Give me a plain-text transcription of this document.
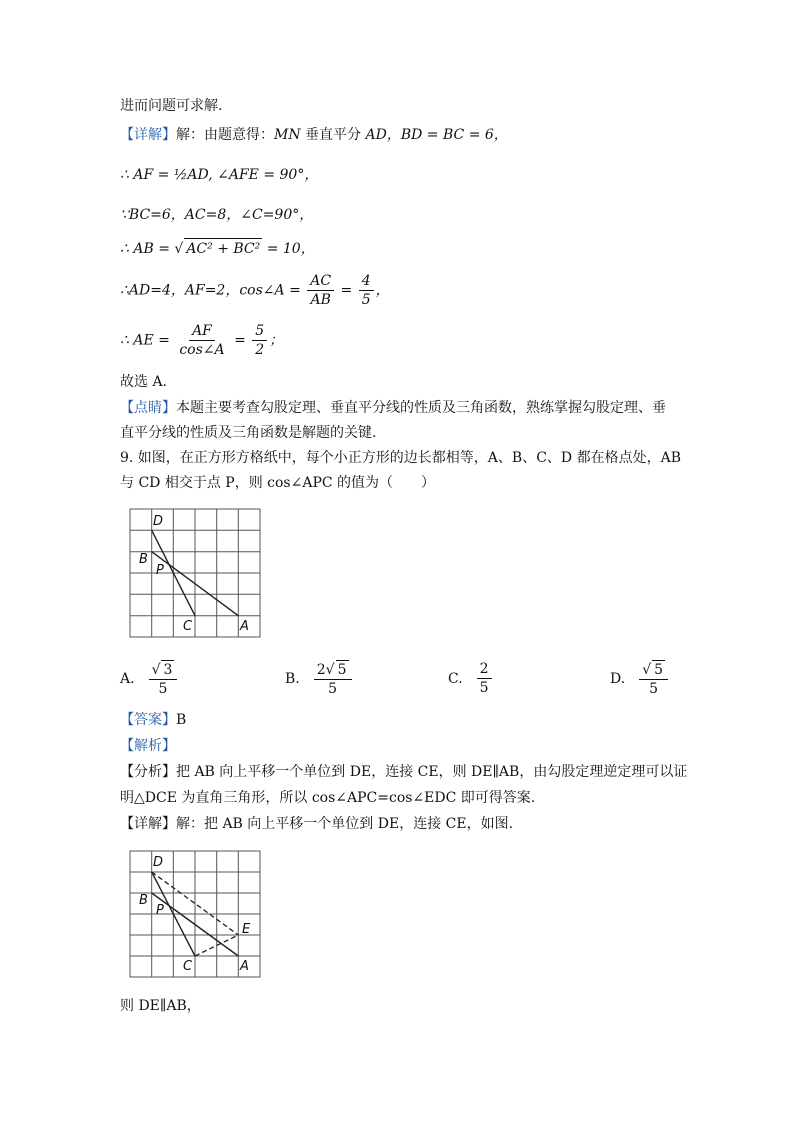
进而问题可求解.
【详解】解：由题意得：MN 垂直平分 AD，BD = BC = 6，
∴ AF = ½AD, ∠AFE = 90°，
∵BC=6，AC=8，∠C=90°，
∴ AB = √ AC² + BC² = 10，
∴AD=4，AF=2，cos∠A = $\frac{AC}{AB} = \frac{4}{5}$ ，
∴ AE = $\frac{AF}{\cos\angle A} = \frac{5}{2}$ ；
故选 A.
【点睛】本题主要考查勾股定理、垂直平分线的性质及三角函数，熟练掌握勾股定理、垂
直平分线的性质及三角函数是解题的关键.
9. 如图，在正方形方格纸中，每个小正方形的边长都相等，A、B、C、D 都在格点处，AB
与 CD 相交于点 P，则 cos∠APC 的值为（　　）
D
B
P
C	A
A. $\frac{√ 3}{5}$	B. $\frac{2√ 5}{5}$	C. $\frac{2}{5}$	D. $\frac{√ 5}{5}$
【答案】B
【解析】
【分析】把 AB 向上平移一个单位到 DE，连接 CE，则 DE∥AB，由勾股定理逆定理可以证
明△DCE 为直角三角形，所以 cos∠APC=cos∠EDC 即可得答案.
【详解】解：把 AB 向上平移一个单位到 DE，连接 CE，如图.
D
B
P
C	A
E
则 DE∥AB，
